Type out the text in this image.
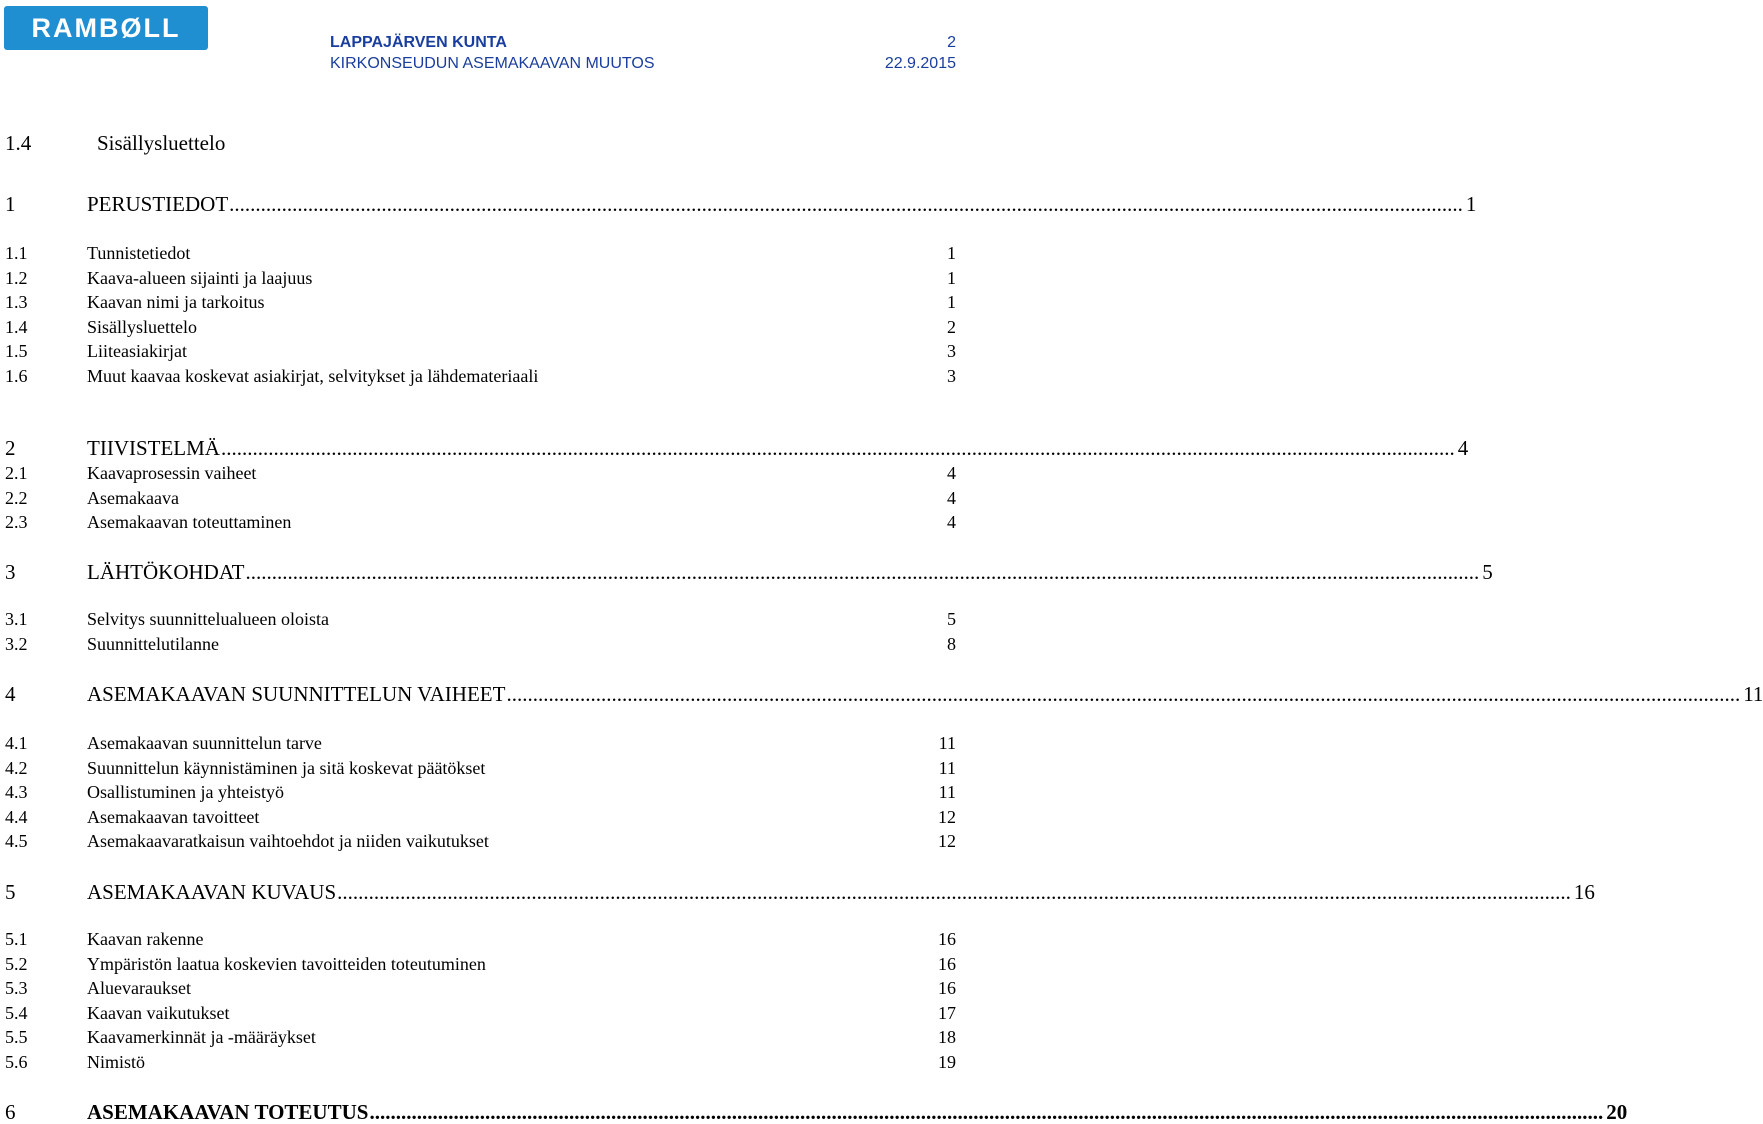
RAMBØLL	LAPPAJÄRVEN KUNTA	2
KIRKONSEUDUN ASEMAKAAVAN MUUTOS	22.9.2015
1.4	Sisällysluettelo
1	PERUSTIEDOT ........................................................................................................................................................................................................................................... 1
1.1	Tunnistetiedot	1
1.2	Kaava-alueen sijainti ja laajuus	1
1.3	Kaavan nimi ja tarkoitus	1
1.4	Sisällysluettelo	2
1.5	Liiteasiakirjat	3
1.6	Muut kaavaa koskevat asiakirjat, selvitykset ja lähdemateriaali	3
2	TIIVISTELMÄ ........................................................................................................................................................................................................................................... 4
2.1	Kaavaprosessin vaiheet	4
2.2	Asemakaava	4
2.3	Asemakaavan toteuttaminen	4
3	LÄHTÖKOHDAT ........................................................................................................................................................................................................................................... 5
3.1	Selvitys suunnittelualueen oloista	5
3.2	Suunnittelutilanne	8
4	ASEMAKAAVAN SUUNNITTELUN VAIHEET ........................................................................................................................................................................................................................................... 11
4.1	Asemakaavan suunnittelun tarve	11
4.2	Suunnittelun käynnistäminen ja sitä koskevat päätökset	11
4.3	Osallistuminen ja yhteistyö	11
4.4	Asemakaavan tavoitteet	12
4.5	Asemakaavaratkaisun vaihtoehdot ja niiden vaikutukset	12
5	ASEMAKAAVAN KUVAUS ........................................................................................................................................................................................................................................... 16
5.1	Kaavan rakenne	16
5.2	Ympäristön laatua koskevien tavoitteiden toteutuminen	16
5.3	Aluevaraukset	16
5.4	Kaavan vaikutukset	17
5.5	Kaavamerkinnät ja -määräykset	18
5.6	Nimistö	19
6	ASEMAKAAVAN TOTEUTUS ........................................................................................................................................................................................................................................... 20
